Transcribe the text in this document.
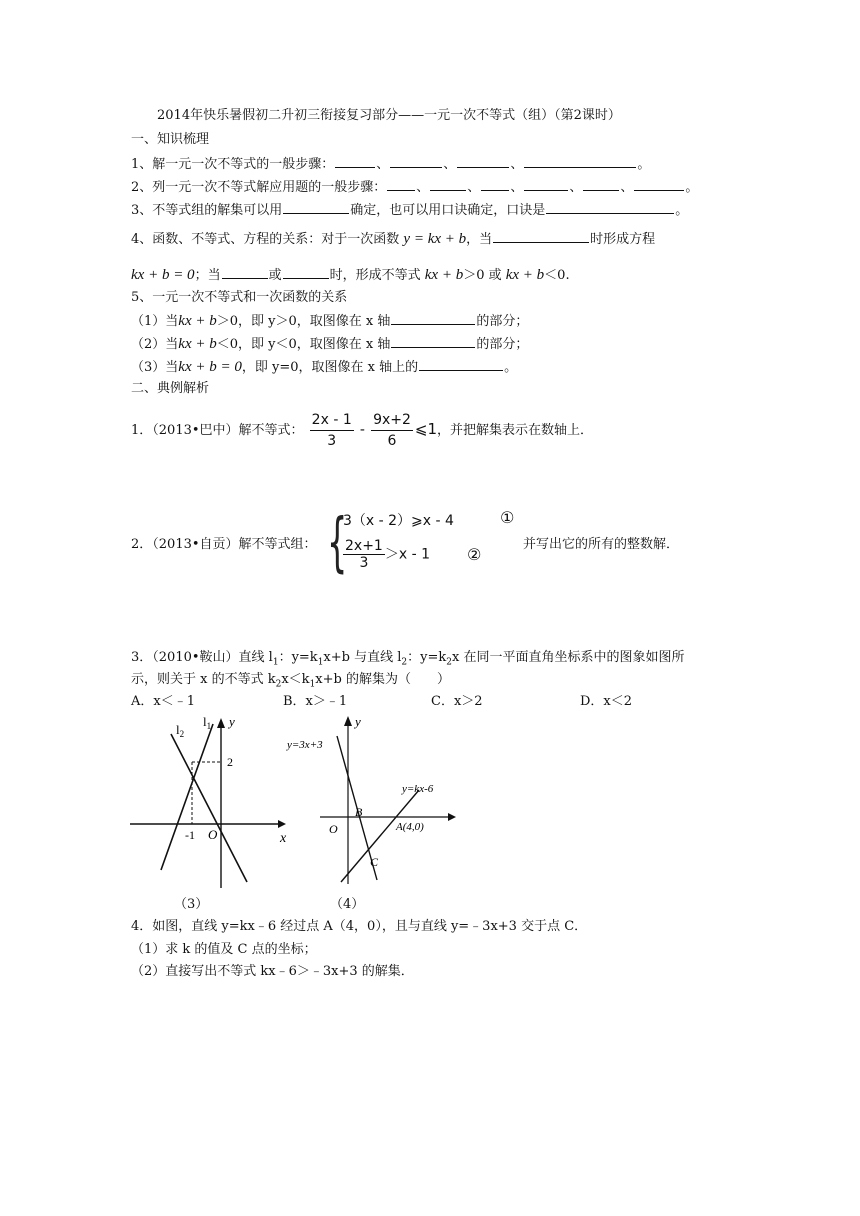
2014年快乐暑假初二升初三衔接复习部分——一元一次不等式（组）（第2课时）
一、知识梳理
1、解一元一次不等式的一般步骤：	、	、	、	。
2、列一元一次不等式解应用题的一般步骤： 、	、 、	、	、	。
3、不等式组的解集可以用	确定，也可以用口诀确定，口诀是	。
4、函数、不等式、方程的关系：对于一次函数 y = kx + b，当	时形成方程
kx + b = 0；当	或	时，形成不等式 kx + b＞0 或 kx + b＜0.
5、一元一次不等式和一次函数的关系
（1）当kx + b＞0，即 y＞0，取图像在 x 轴	的部分；
（2）当kx + b＜0，即 y＜0，取图像在 x 轴	的部分；
（3）当kx + b = 0，即 y=0，取图像在 x 轴上的	。
二、典例解析
1．（2013•巴中）解不等式： $\frac{2x - 1}{3} - \frac{9x+2}{6}$ ⩽1，并把解集表示在数轴上．
2．（2013•自贡）解不等式组： {
3（x - 2）⩾x - 4
$\frac{2x+1}{3} >x - 1$
①
②
并写出它的所有的整数解．
3．（2010•鞍山）直线 $l_1$：$y=k_1x+b$ 与直线 $l_2$：$y=k_2x$ 在同一平面直角坐标系中的图象如图所
示，则关于 x 的不等式 $k_2x<k_1x+b$ 的解集为（　　）
A．x＜﹣1	B．x＞﹣1	C．x＞2	D．x＜2
$l_2$
$l_1$ y
2
-1 O	x
（3）
y=3x+3
y
y=kx-6
B
O	A(4,0)
C
（4）
4．如图，直线 y=kx﹣6 经过点 A（4，0），且与直线 y=﹣3x+3 交于点 C．
（1）求 k 的值及 C 点的坐标；
（2）直接写出不等式 kx﹣6＞﹣3x+3 的解集．
